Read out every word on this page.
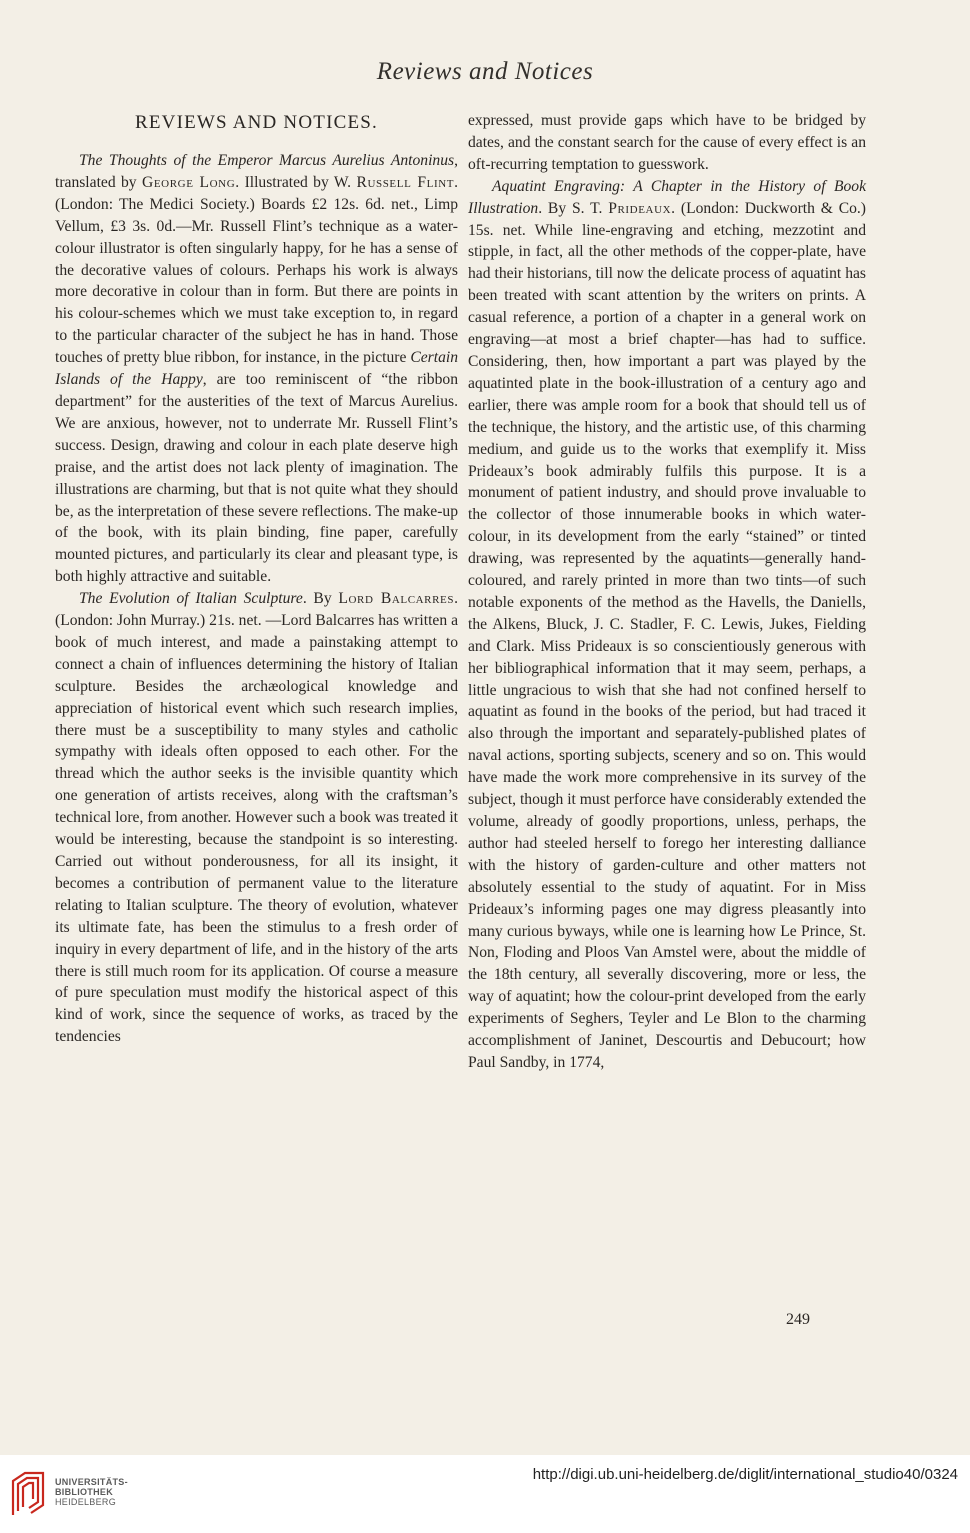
Reviews and Notices
REVIEWS AND NOTICES.

The Thoughts of the Emperor Marcus Aurelius Antoninus, translated by George Long. Illustrated by W. Russell Flint. (London: The Medici Society.) Boards £2 12s. 6d. net., Limp Vellum, £3 3s. 0d.—Mr. Russell Flint’s technique as a water-colour illustrator is often singularly happy, for he has a sense of the decorative values of colours. Perhaps his work is always more decorative in colour than in form. But there are points in his colour-schemes which we must take exception to, in regard to the particular character of the subject he has in hand. Those touches of pretty blue ribbon, for instance, in the picture Certain Islands of the Happy, are too reminiscent of “the ribbon department” for the austerities of the text of Marcus Aurelius. We are anxious, however, not to underrate Mr. Russell Flint’s success. Design, drawing and colour in each plate deserve high praise, and the artist does not lack plenty of imagination. The illustrations are charming, but that is not quite what they should be, as the interpretation of these severe reflections. The make-up of the book, with its plain binding, fine paper, carefully mounted pictures, and particularly its clear and pleasant type, is both highly attractive and suitable.

The Evolution of Italian Sculpture. By Lord Balcarres. (London: John Murray.) 21s. net. —Lord Balcarres has written a book of much interest, and made a painstaking attempt to connect a chain of influences determining the history of Italian sculpture. Besides the archæological knowledge and appreciation of historical event which such research implies, there must be a susceptibility to many styles and catholic sympathy with ideals often opposed to each other. For the thread which the author seeks is the invisible quantity which one generation of artists receives, along with the craftsman’s technical lore, from another. However such a book was treated it would be interesting, because the standpoint is so interesting. Carried out without ponderousness, for all its insight, it becomes a contribution of permanent value to the literature relating to Italian sculpture. The theory of evolution, whatever its ultimate fate, has been the stimulus to a fresh order of inquiry in every department of life, and in the history of the arts there is still much room for its application. Of course a measure of pure speculation must modify the historical aspect of this kind of work, since the sequence of works, as traced by the tendencies

expressed, must provide gaps which have to be bridged by dates, and the constant search for the cause of every effect is an oft-recurring temptation to guesswork.

Aquatint Engraving: A Chapter in the History of Book Illustration. By S. T. Prideaux. (London: Duckworth & Co.) 15s. net. While line-engraving and etching, mezzotint and stipple, in fact, all the other methods of the copper-plate, have had their historians, till now the delicate process of aquatint has been treated with scant attention by the writers on prints. A casual reference, a portion of a chapter in a general work on engraving—at most a brief chapter—has had to suffice. Considering, then, how important a part was played by the aquatinted plate in the book-illustration of a century ago and earlier, there was ample room for a book that should tell us of the technique, the history, and the artistic use, of this charming medium, and guide us to the works that exemplify it. Miss Prideaux’s book admirably fulfils this purpose. It is a monument of patient industry, and should prove invaluable to the collector of those innumerable books in which water-colour, in its development from the early “stained” or tinted drawing, was represented by the aquatints—generally hand-coloured, and rarely printed in more than two tints—of such notable exponents of the method as the Havells, the Daniells, the Alkens, Bluck, J. C. Stadler, F. C. Lewis, Jukes, Fielding and Clark. Miss Prideaux is so conscientiously generous with her bibliographical information that it may seem, perhaps, a little ungracious to wish that she had not confined herself to aquatint as found in the books of the period, but had traced it also through the important and separately-published plates of naval actions, sporting subjects, scenery and so on. This would have made the work more comprehensive in its survey of the subject, though it must perforce have considerably extended the volume, already of goodly proportions, unless, perhaps, the author had steeled herself to forego her interesting dalliance with the history of garden-culture and other matters not absolutely essential to the study of aquatint. For in Miss Prideaux’s informing pages one may digress pleasantly into many curious byways, while one is learning how Le Prince, St. Non, Floding and Ploos Van Amstel were, about the middle of the 18th century, all severally discovering, more or less, the way of aquatint; how the colour-print developed from the early experiments of Seghers, Teyler and Le Blon to the charming accomplishment of Janinet, Descourtis and Debucourt; how Paul Sandby, in 1774,

249
UNIVERSITÄTS-
BIBLIOTHEK
HEIDELBERG
http://digi.ub.uni-heidelberg.de/diglit/international_studio40/0324
